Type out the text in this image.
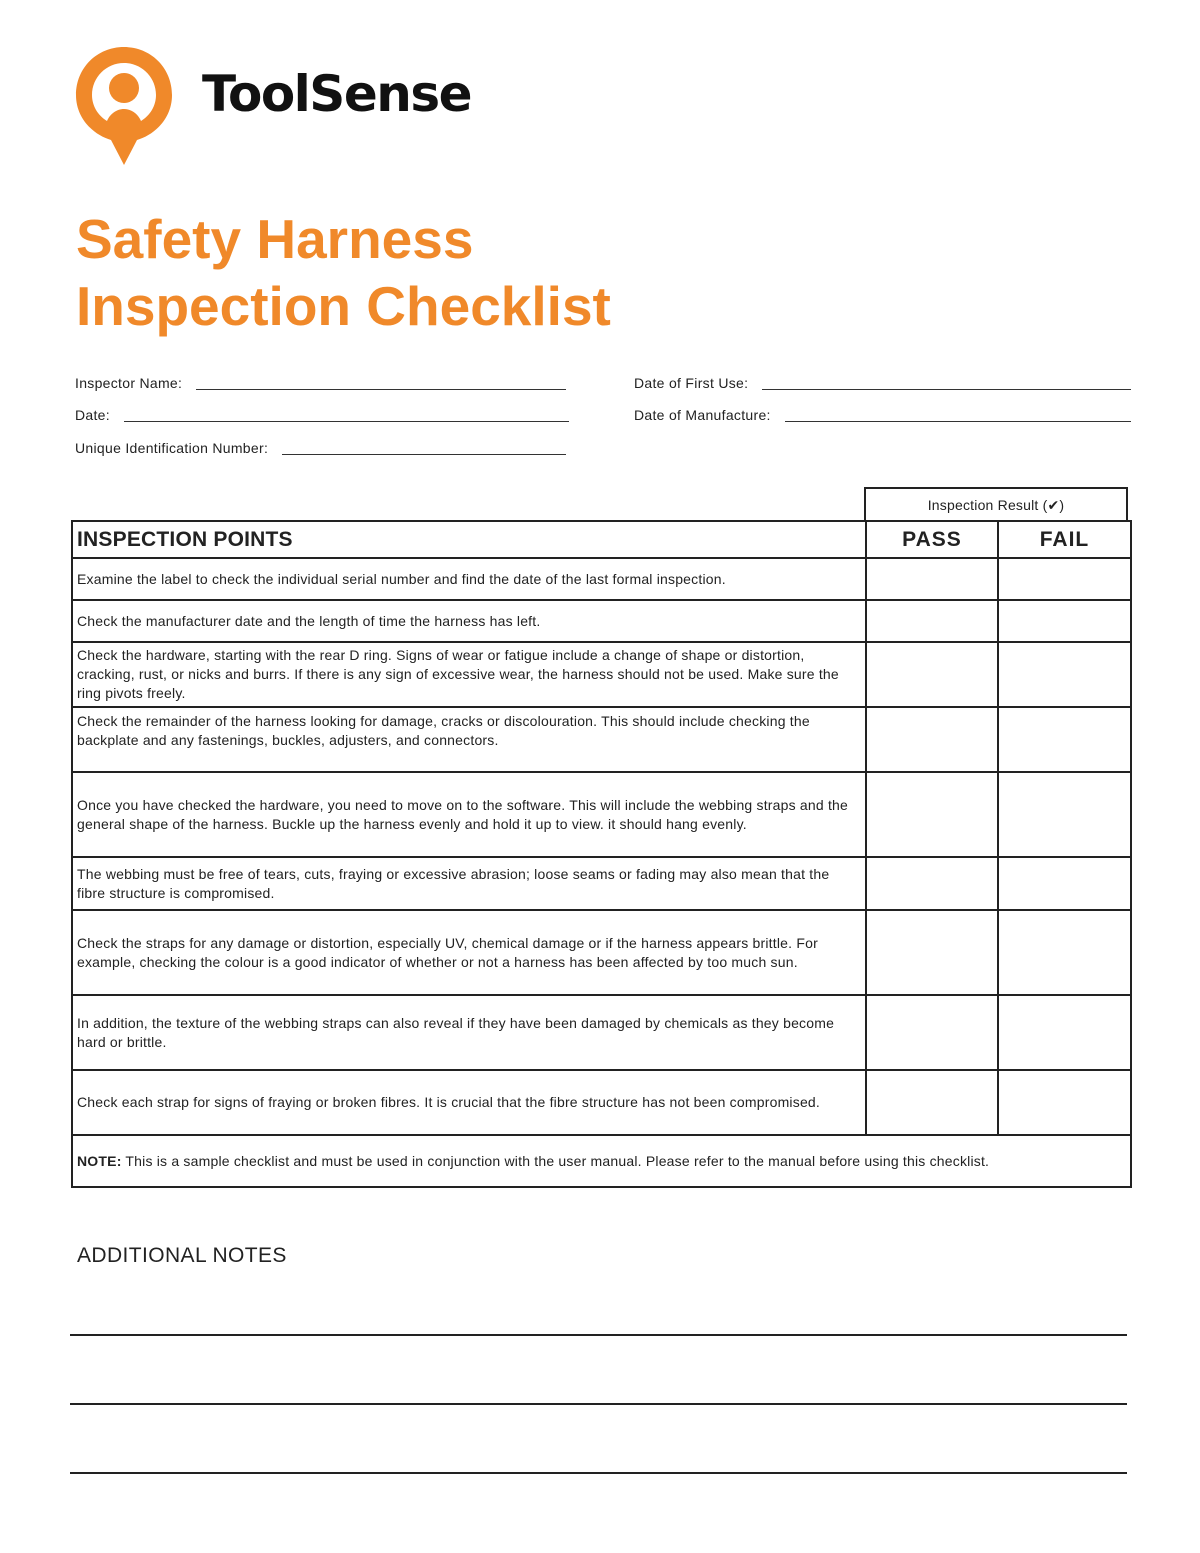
ToolSense
Safety Harness
Inspection Checklist
Inspector Name:
Date:
Unique Identification Number:
Date of First Use:
Date of Manufacture:
Inspection Result (✔)
INSPECTION POINTS	PASS	FAIL
Examine the label to check the individual serial number and find the date of the last formal inspection.		
Check the manufacturer date and the length of time the harness has left.		
Check the hardware, starting with the rear D ring. Signs of wear or fatigue include a change of shape or distortion, cracking, rust, or nicks and burrs. If there is any sign of excessive wear, the harness should not be used. Make sure the ring pivots freely.		
Check the remainder of the harness looking for damage, cracks or discolouration. This should include checking the backplate and any fastenings, buckles, adjusters, and connectors.		
Once you have checked the hardware, you need to move on to the software. This will include the webbing straps and the general shape of the harness. Buckle up the harness evenly and hold it up to view. it should hang evenly.		
The webbing must be free of tears, cuts, fraying or excessive abrasion; loose seams or fading may also mean that the fibre structure is compromised.		
Check the straps for any damage or distortion, especially UV, chemical damage or if the harness appears brittle. For example, checking the colour is a good indicator of whether or not a harness has been affected by too much sun.		
In addition, the texture of the webbing straps can also reveal if they have been damaged by chemicals as they become hard or brittle.		
Check each strap for signs of fraying or broken fibres. It is crucial that the fibre structure has not been compromised.		
NOTE: This is a sample checklist and must be used in conjunction with the user manual. Please refer to the manual before using this checklist.		
ADDITIONAL NOTES
